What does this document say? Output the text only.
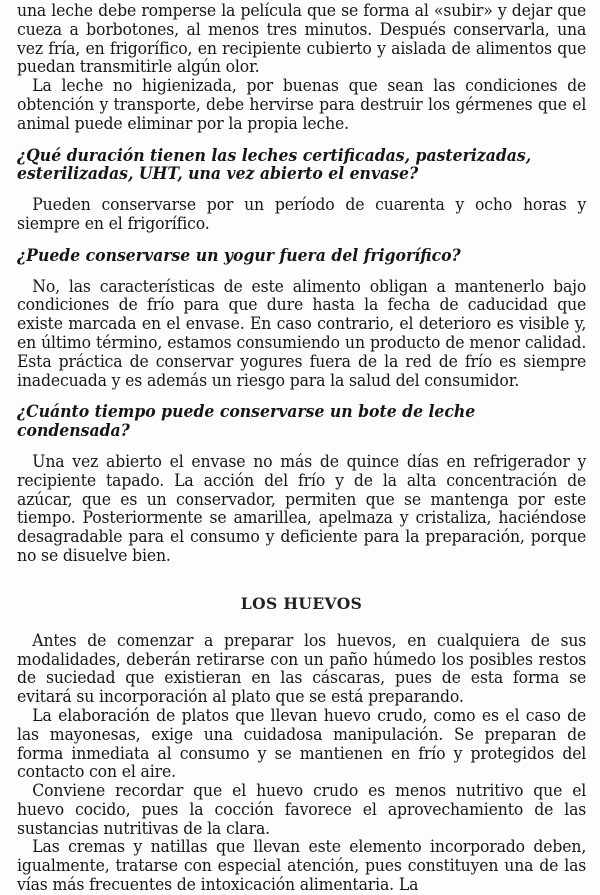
una leche debe romperse la película que se forma al «subir» y dejar que cueza a borbotones, al menos tres minutos. Después conservarla, una vez fría, en frigorífico, en recipiente cubierto y aislada de alimentos que puedan transmitirle algún olor.

La leche no higienizada, por buenas que sean las condiciones de obtención y transporte, debe hervirse para destruir los gérmenes que el animal puede eliminar por la propia leche.

¿Qué duración tienen las leches certificadas, pasterizadas, esterilizadas, UHT, una vez abierto el envase?

Pueden conservarse por un período de cuarenta y ocho horas y siempre en el frigorífico.

¿Puede conservarse un yogur fuera del frigorífico?

No, las características de este alimento obligan a mantenerlo bajo condiciones de frío para que dure hasta la fecha de caducidad que existe marcada en el envase. En caso contrario, el deterioro es visible y, en último término, estamos consumiendo un producto de menor calidad. Esta práctica de conservar yogures fuera de la red de frío es siempre inadecuada y es además un riesgo para la salud del consumidor.

¿Cuánto tiempo puede conservarse un bote de leche condensada?

Una vez abierto el envase no más de quince días en refrigerador y recipiente tapado. La acción del frío y de la alta concentración de azúcar, que es un conservador, permiten que se mantenga por este tiempo. Posteriormente se amarillea, apelmaza y cristaliza, haciéndose desagradable para el consumo y deficiente para la preparación, porque no se disuelve bien.

LOS HUEVOS

Antes de comenzar a preparar los huevos, en cualquiera de sus modalidades, deberán retirarse con un paño húmedo los posibles restos de suciedad que existieran en las cáscaras, pues de esta forma se evitará su incorporación al plato que se está preparando.

La elaboración de platos que llevan huevo crudo, como es el caso de las mayonesas, exige una cuidadosa manipulación. Se preparan de forma inmediata al consumo y se mantienen en frío y protegidos del contacto con el aire.

Conviene recordar que el huevo crudo es menos nutritivo que el huevo cocido, pues la cocción favorece el aprovechamiento de las sustancias nutritivas de la clara.

Las cremas y natillas que llevan este elemento incorporado deben, igualmente, tratarse con especial atención, pues constituyen una de las vías más frecuentes de intoxicación alimentaria. La
